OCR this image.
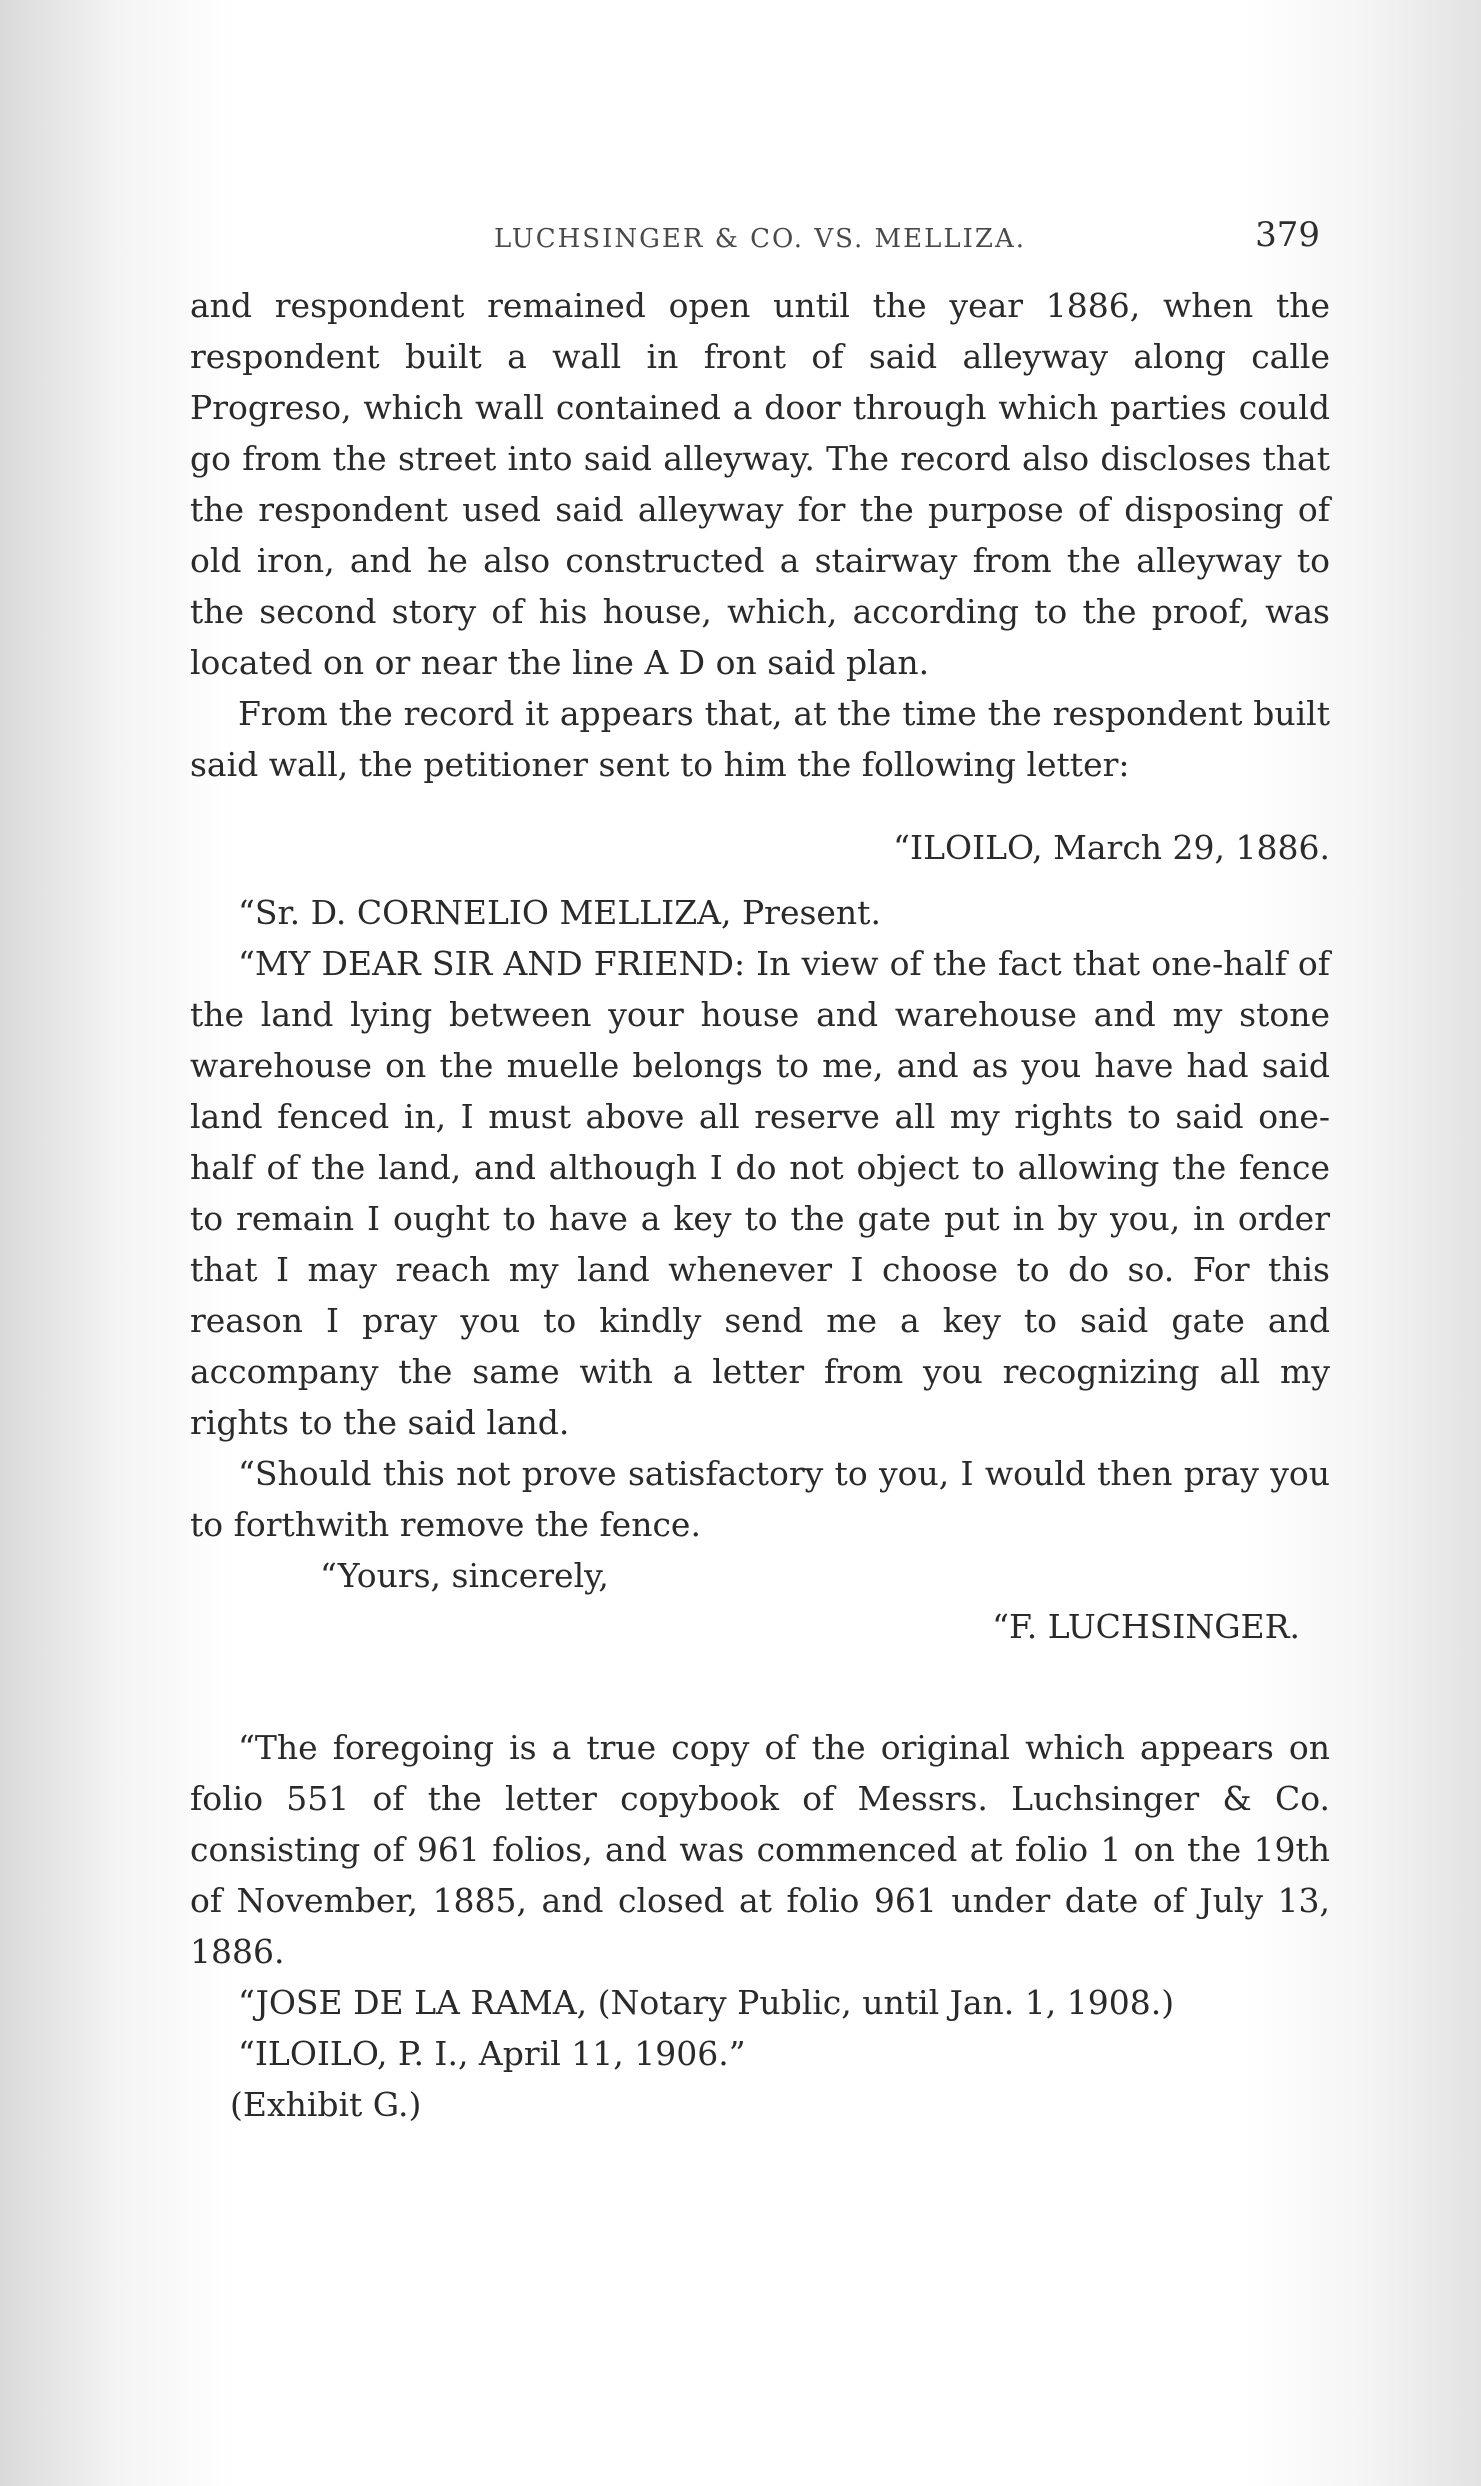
LUCHSINGER & CO. VS. MELLIZA.	379

and respondent remained open until the year 1886, when the respondent built a wall in front of said alleyway along calle Progreso, which wall contained a door through which parties could go from the street into said alleyway. The record also discloses that the respondent used said alleyway for the purpose of disposing of old iron, and he also constructed a stairway from the alleyway to the second story of his house, which, according to the proof, was located on or near the line A D on said plan.

From the record it appears that, at the time the respondent built said wall, the petitioner sent to him the following letter:

“ILOILO, March 29, 1886.

“Sr. D. CORNELIO MELLIZA, Present.

“MY DEAR SIR AND FRIEND: In view of the fact that one-half of the land lying between your house and warehouse and my stone warehouse on the muelle belongs to me, and as you have had said land fenced in, I must above all reserve all my rights to said one-half of the land, and although I do not object to allowing the fence to remain I ought to have a key to the gate put in by you, in order that I may reach my land whenever I choose to do so. For this reason I pray you to kindly send me a key to said gate and accompany the same with a letter from you recognizing all my rights to the said land.

“Should this not prove satisfactory to you, I would then pray you to forthwith remove the fence.

“Yours, sincerely,

“F. LUCHSINGER.

“The foregoing is a true copy of the original which appears on folio 551 of the letter copybook of Messrs. Luchsinger & Co. consisting of 961 folios, and was commenced at folio 1 on the 19th of November, 1885, and closed at folio 961 under date of July 13, 1886.

“JOSE DE LA RAMA, (Notary Public, until Jan. 1, 1908.)

“ILOILO, P. I., April 11, 1906.”

(Exhibit G.)
